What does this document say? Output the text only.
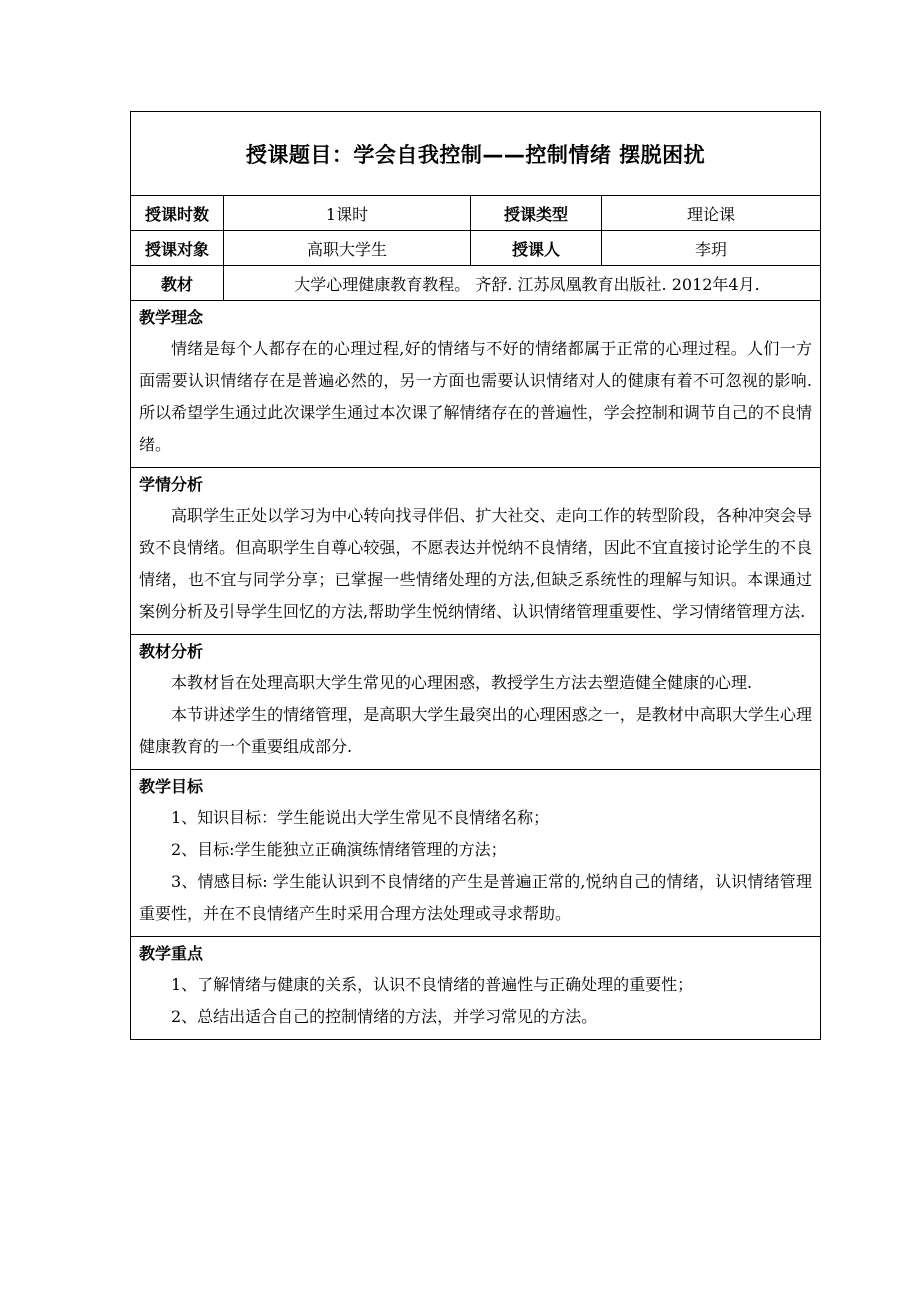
授课题目：学会自我控制——控制情绪 摆脱困扰			
授课时数	1课时	授课类型	理论课
授课对象	高职大学生	授课人	李玥
教材	大学心理健康教育教程。 齐舒. 江苏凤凰教育出版社. 2012年4月.		

教学理念

情绪是每个人都存在的心理过程,好的情绪与不好的情绪都属于正常的心理过程。人们一方面需要认识情绪存在是普遍必然的，另一方面也需要认识情绪对人的健康有着不可忽视的影响.所以希望学生通过此次课学生通过本次课了解情绪存在的普遍性，学会控制和调节自己的不良情绪。			

学情分析

高职学生正处以学习为中心转向找寻伴侣、扩大社交、走向工作的转型阶段，各种冲突会导致不良情绪。但高职学生自尊心较强，不愿表达并悦纳不良情绪，因此不宜直接讨论学生的不良情绪，也不宜与同学分享；已掌握一些情绪处理的方法,但缺乏系统性的理解与知识。本课通过案例分析及引导学生回忆的方法,帮助学生悦纳情绪、认识情绪管理重要性、学习情绪管理方法.			

教材分析

本教材旨在处理高职大学生常见的心理困惑，教授学生方法去塑造健全健康的心理.

本节讲述学生的情绪管理，是高职大学生最突出的心理困惑之一，是教材中高职大学生心理健康教育的一个重要组成部分.			

教学目标

1、知识目标：学生能说出大学生常见不良情绪名称；

2、目标:学生能独立正确演练情绪管理的方法；

3、情感目标: 学生能认识到不良情绪的产生是普遍正常的,悦纳自己的情绪，认识情绪管理重要性，并在不良情绪产生时采用合理方法处理或寻求帮助。			

教学重点

1、了解情绪与健康的关系，认识不良情绪的普遍性与正确处理的重要性；

2、总结出适合自己的控制情绪的方法，并学习常见的方法。			
